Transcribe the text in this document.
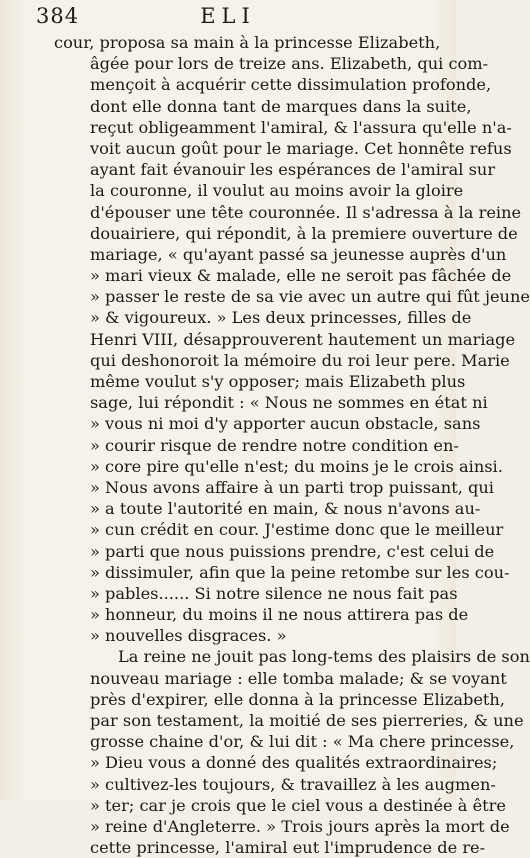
384	ELI
cour, proposa sa main à la princesse Elizabeth,
âgée pour lors de treize ans. Elizabeth, qui com-
mençoit à acquérir cette dissimulation profonde,
dont elle donna tant de marques dans la suite,
reçut obligeamment l'amiral, & l'assura qu'elle n'a-
voit aucun goût pour le mariage. Cet honnête refus
ayant fait évanouir les espérances de l'amiral sur
la couronne, il voulut au moins avoir la gloire
d'épouser une tête couronnée. Il s'adressa à la reine
douairiere, qui répondit, à la premiere ouverture de
mariage, « qu'ayant passé sa jeunesse auprès d'un
» mari vieux & malade, elle ne seroit pas fâchée de
» passer le reste de sa vie avec un autre qui fût jeune
» & vigoureux. » Les deux princesses, filles de
Henri VIII, désapprouverent hautement un mariage
qui deshonoroit la mémoire du roi leur pere. Marie
même voulut s'y opposer; mais Elizabeth plus
sage, lui répondit : « Nous ne sommes en état ni
» vous ni moi d'y apporter aucun obstacle, sans
» courir risque de rendre notre condition en-
» core pire qu'elle n'est; du moins je le crois ainsi.
» Nous avons affaire à un parti trop puissant, qui
» a toute l'autorité en main, & nous n'avons au-
» cun crédit en cour. J'estime donc que le meilleur
» parti que nous puissions prendre, c'est celui de
» dissimuler, afin que la peine retombe sur les cou-
» pables...... Si notre silence ne nous fait pas
» honneur, du moins il ne nous attirera pas de
» nouvelles disgraces. »
La reine ne jouit pas long-tems des plaisirs de son
nouveau mariage : elle tomba malade; & se voyant
près d'expirer, elle donna à la princesse Elizabeth,
par son testament, la moitié de ses pierreries, & une
grosse chaine d'or, & lui dit : « Ma chere princesse,
» Dieu vous a donné des qualités extraordinaires;
» cultivez-les toujours, & travaillez à les augmen-
» ter; car je crois que le ciel vous a destinée à être
» reine d'Angleterre. » Trois jours après la mort de
cette princesse, l'amiral eut l'imprudence de re-
